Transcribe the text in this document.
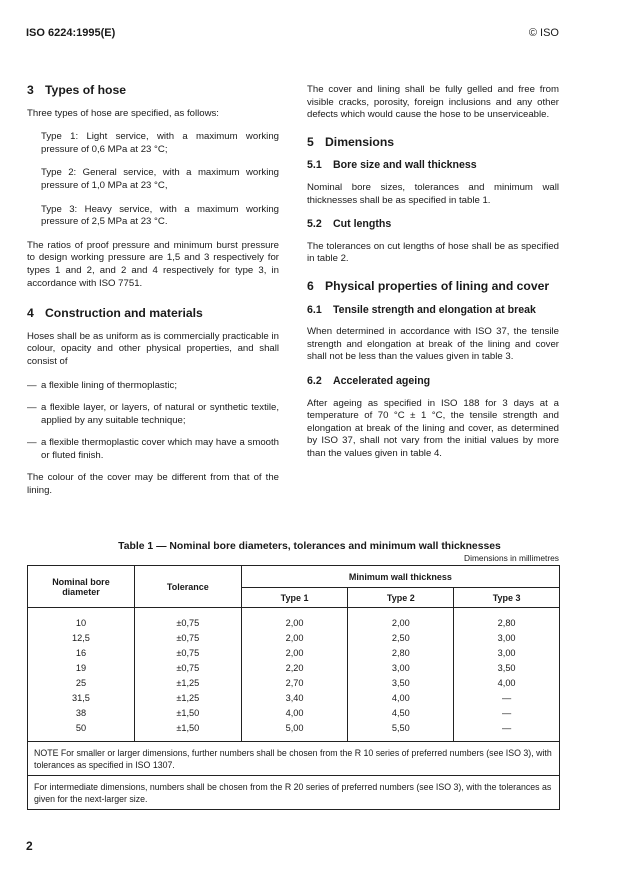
ISO 6224:1995(E)	© ISO
3 Types of hose

Three types of hose are specified, as follows:

Type 1: Light service, with a maximum working pressure of 0,6 MPa at 23 °C;
Type 2: General service, with a maximum working pressure of 1,0 MPa at 23 °C,
Type 3: Heavy service, with a maximum working pressure of 2,5 MPa at 23 °C.

The ratios of proof pressure and minimum burst pressure to design working pressure are 1,5 and 3 respectively for types 1 and 2, and 2 and 4 respectively for type 3, in accordance with ISO 7751.

4 Construction and materials

Hoses shall be as uniform as is commercially practicable in colour, opacity and other physical properties, and shall consist of

— a flexible lining of thermoplastic;
— a flexible layer, or layers, of natural or synthetic textile, applied by any suitable technique;
— a flexible thermoplastic cover which may have a smooth or fluted finish.

The colour of the cover may be different from that of the lining.

The cover and lining shall be fully gelled and free from visible cracks, porosity, foreign inclusions and any other defects which would cause the hose to be unserviceable.

5 Dimensions
5.1	Bore size and wall thickness

Nominal bore sizes, tolerances and minimum wall thicknesses shall be as specified in table 1.

5.2	Cut lengths

The tolerances on cut lengths of hose shall be as specified in table 2.

6 Physical properties of lining and cover
6.1	Tensile strength and elongation at break

When determined in accordance with ISO 37, the tensile strength and elongation at break of the lining and cover shall not be less than the values given in table 3.

6.2	Accelerated ageing

After ageing as specified in ISO 188 for 3 days at a temperature of 70 °C ± 1 °C, the tensile strength and elongation at break of the lining and cover, as determined by ISO 37, shall not vary from the initial values by more than the values given in table 4.

Table 1 — Nominal bore diameters, tolerances and minimum wall thicknesses
Dimensions in millimetres
Nominal bore diameter	Tolerance	Minimum wall thickness		
		Type 1	Type 2	Type 3

10	±0,75	2,00	2,00	2,80
12,5	±0,75	2,00	2,50	3,00
16	±0,75	2,00	2,80	3,00
19	±0,75	2,20	3,00	3,50
25	±1,25	2,70	3,50	4,00
31,5	±1,25	3,40	4,00	—
38	±1,50	4,00	4,50	—
50	±1,50	5,00	5,50	—

NOTE For smaller or larger dimensions, further numbers shall be chosen from the R 10 series of preferred numbers (see ISO 3), with tolerances as specified in ISO 1307.				
For intermediate dimensions, numbers shall be chosen from the R 20 series of preferred numbers (see ISO 3), with the tolerances as given for the next-larger size.				
2
